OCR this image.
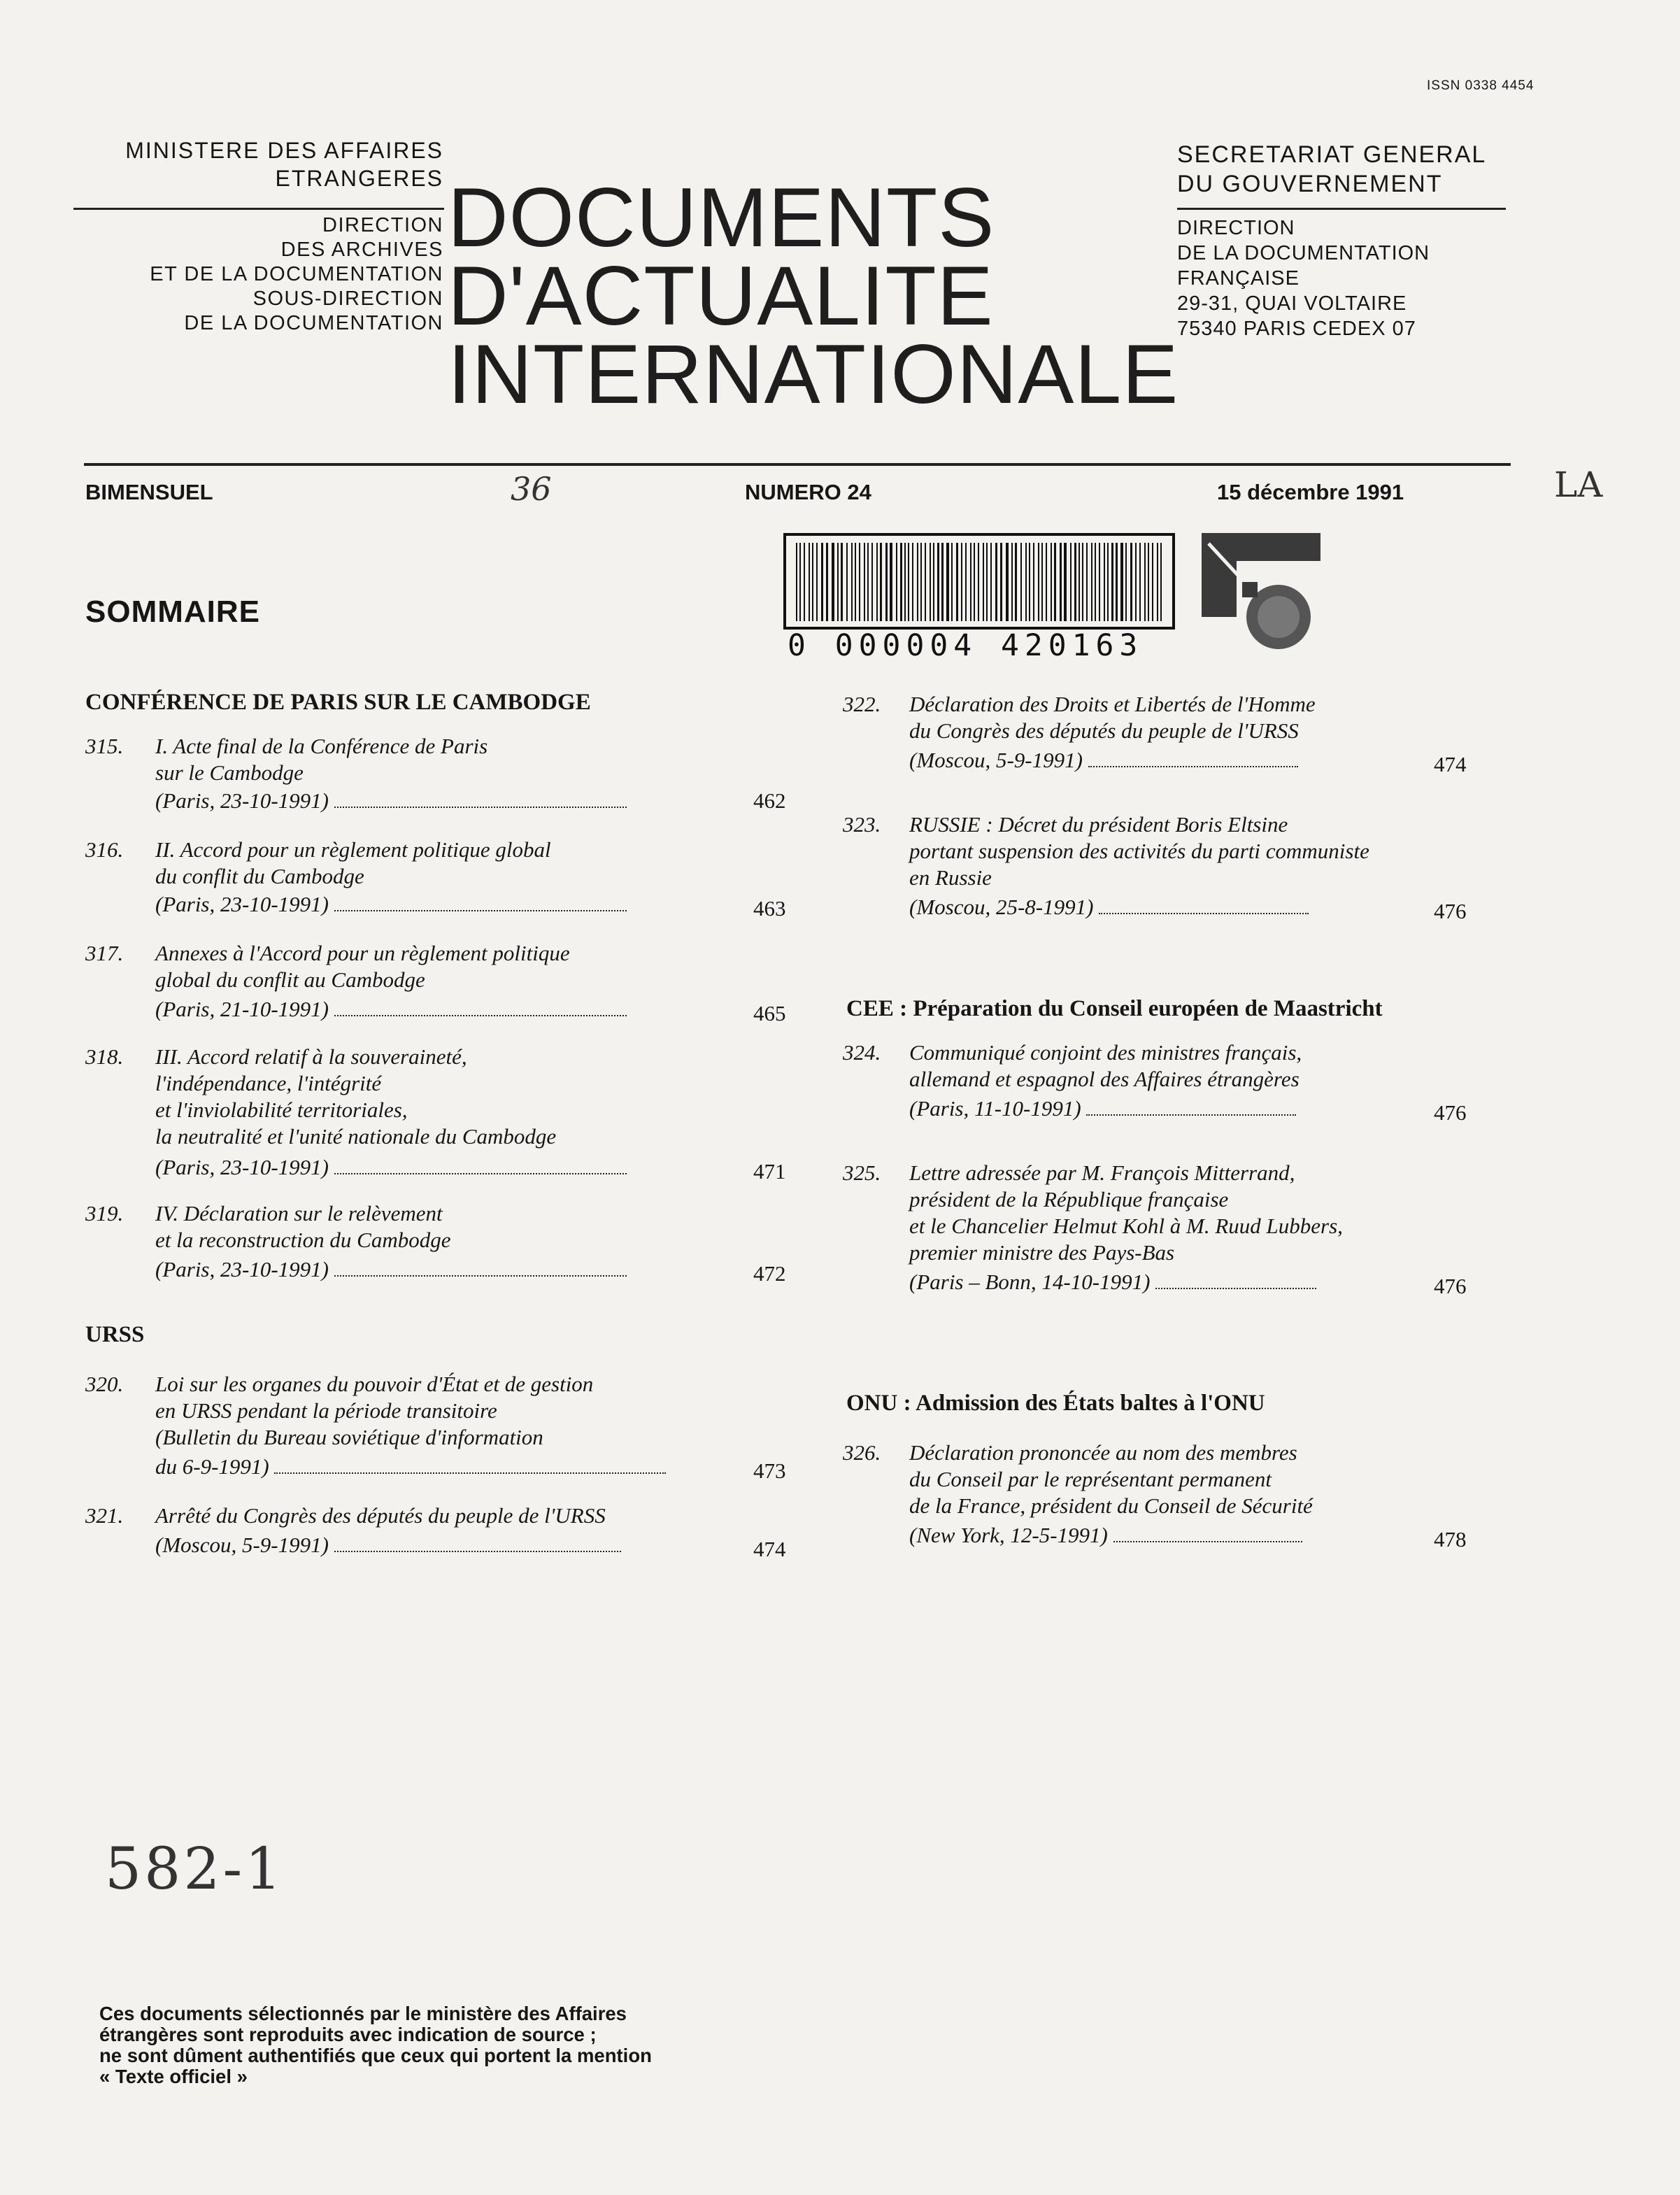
ISSN 0338 4454
MINISTERE DES AFFAIRES
ETRANGERES
DIRECTION
DES ARCHIVES
ET DE LA DOCUMENTATION
SOUS-DIRECTION
DE LA DOCUMENTATION
SECRETARIAT GENERAL
DU GOUVERNEMENT
DIRECTION
DE LA DOCUMENTATION
FRANÇAISE
29-31, QUAI VOLTAIRE
75340 PARIS CEDEX 07
DOCUMENTS
D'ACTUALITE
INTERNATIONALE
BIMENSUEL	36	NUMERO 24	15 décembre 1991	LA
0 000004 420163
SOMMAIRE
CONFÉRENCE DE PARIS SUR LE CAMBODGE
315. I. Acte final de la Conférence de Paris
sur le Cambodge
(Paris, 23-10-1991)	462
316. II. Accord pour un règlement politique global
du conflit du Cambodge
(Paris, 23-10-1991)	463
317. Annexes à l'Accord pour un règlement politique
global du conflit au Cambodge
(Paris, 21-10-1991)	465
318. III. Accord relatif à la souveraineté,
l'indépendance, l'intégrité
et l'inviolabilité territoriales,
la neutralité et l'unité nationale du Cambodge
(Paris, 23-10-1991)	471
319. IV. Déclaration sur le relèvement
et la reconstruction du Cambodge
(Paris, 23-10-1991)	472
URSS
320. Loi sur les organes du pouvoir d'État et de gestion
en URSS pendant la période transitoire
(Bulletin du Bureau soviétique d'information
du 6-9-1991)	473
321. Arrêté du Congrès des députés du peuple de l'URSS
(Moscou, 5-9-1991)	474
322. Déclaration des Droits et Libertés de l'Homme
du Congrès des députés du peuple de l'URSS
(Moscou, 5-9-1991)	474
323. RUSSIE : Décret du président Boris Eltsine
portant suspension des activités du parti communiste
en Russie
(Moscou, 25-8-1991)	476
CEE : Préparation du Conseil européen de Maastricht
324. Communiqué conjoint des ministres français,
allemand et espagnol des Affaires étrangères
(Paris, 11-10-1991)	476
325. Lettre adressée par M. François Mitterrand,
président de la République française
et le Chancelier Helmut Kohl à M. Ruud Lubbers,
premier ministre des Pays-Bas
(Paris – Bonn, 14-10-1991)	476
ONU : Admission des États baltes à l'ONU
326. Déclaration prononcée au nom des membres
du Conseil par le représentant permanent
de la France, président du Conseil de Sécurité
(New York, 12-5-1991)	478
582-1
Ces documents sélectionnés par le ministère des Affaires
étrangères sont reproduits avec indication de source ;
ne sont dûment authentifiés que ceux qui portent la mention
« Texte officiel »
